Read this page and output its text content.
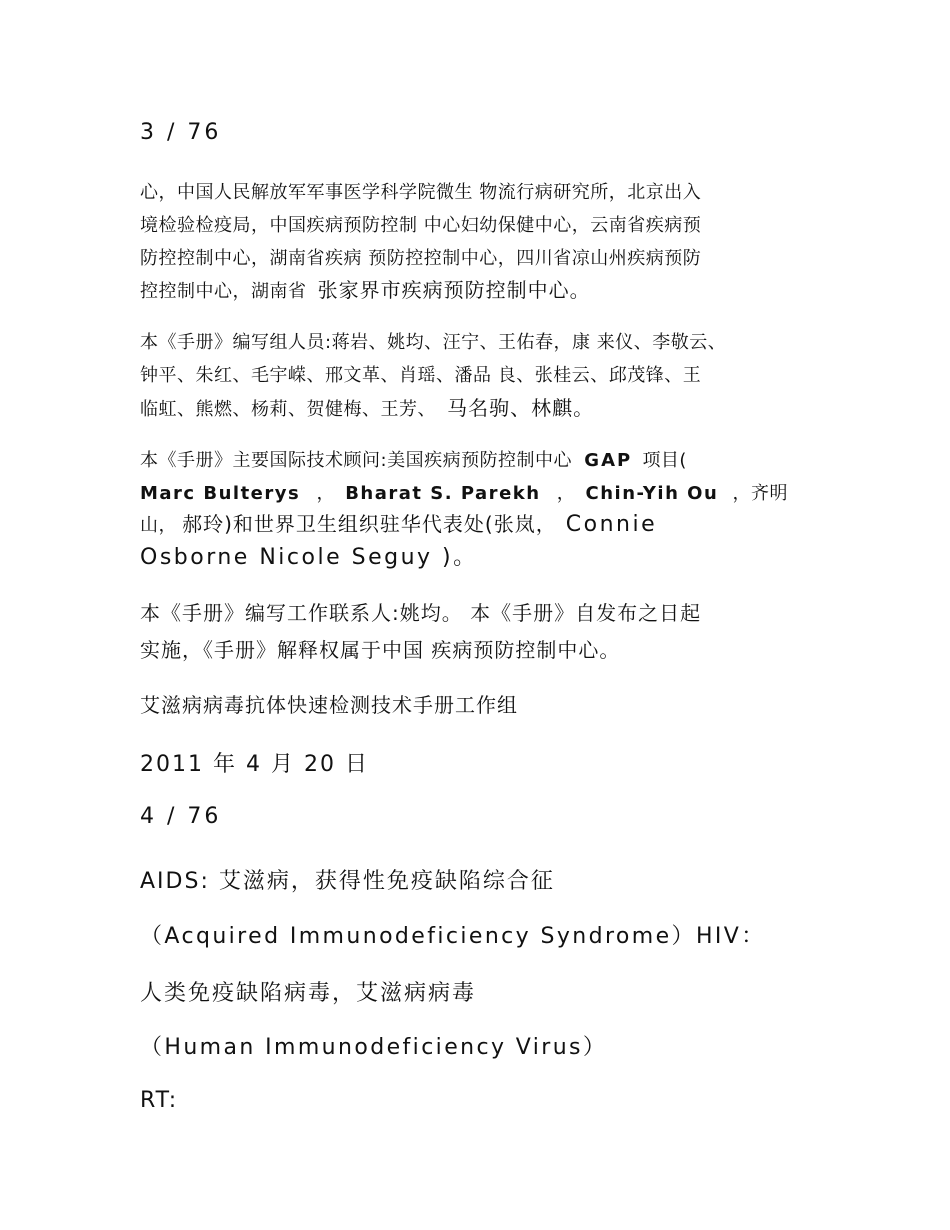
3 / 76
心，中国人民解放军军事医学科学院微生 物流行病研究所，北京出入
境检验检疫局，中国疾病预防控制 中心妇幼保健中心，云南省疾病预
防控控制中心，湖南省疾病 预防控控制中心，四川省凉山州疾病预防
控控制中心，湖南省 张家界市疾病预防控制中心。
本《手册》编写组人员:蒋岩、姚均、汪宁、王佑春，康 来仪、李敬云、
钟平、朱红、毛宇嵘、邢文革、肖瑶、潘品 良、张桂云、邱茂锋、王
临虹、熊燃、杨莉、贺健梅、王芳、 马名驹、林麒。
本《手册》主要国际技术顾问:美国疾病预防控制中心 GAP 项目(
Marc Bulterys ， Bharat S. Parekh ， Chin-Yih Ou ，齐明
山， 郝玲)和世界卫生组织驻华代表处(张岚， Connie
Osborne Nicole Seguy )。
本《手册》编写工作联系人:姚均。 本《手册》自发布之日起
实施，《手册》解释权属于中国 疾病预防控制中心。
艾滋病病毒抗体快速检测技术手册工作组
2011 年 4 月 20 日
4 / 76
AIDS: 艾滋病，获得性免疫缺陷综合征
（Acquired Immunodeficiency Syndrome）HIV：
人类免疫缺陷病毒，艾滋病病毒
（Human Immunodeficiency Virus）
RT:
